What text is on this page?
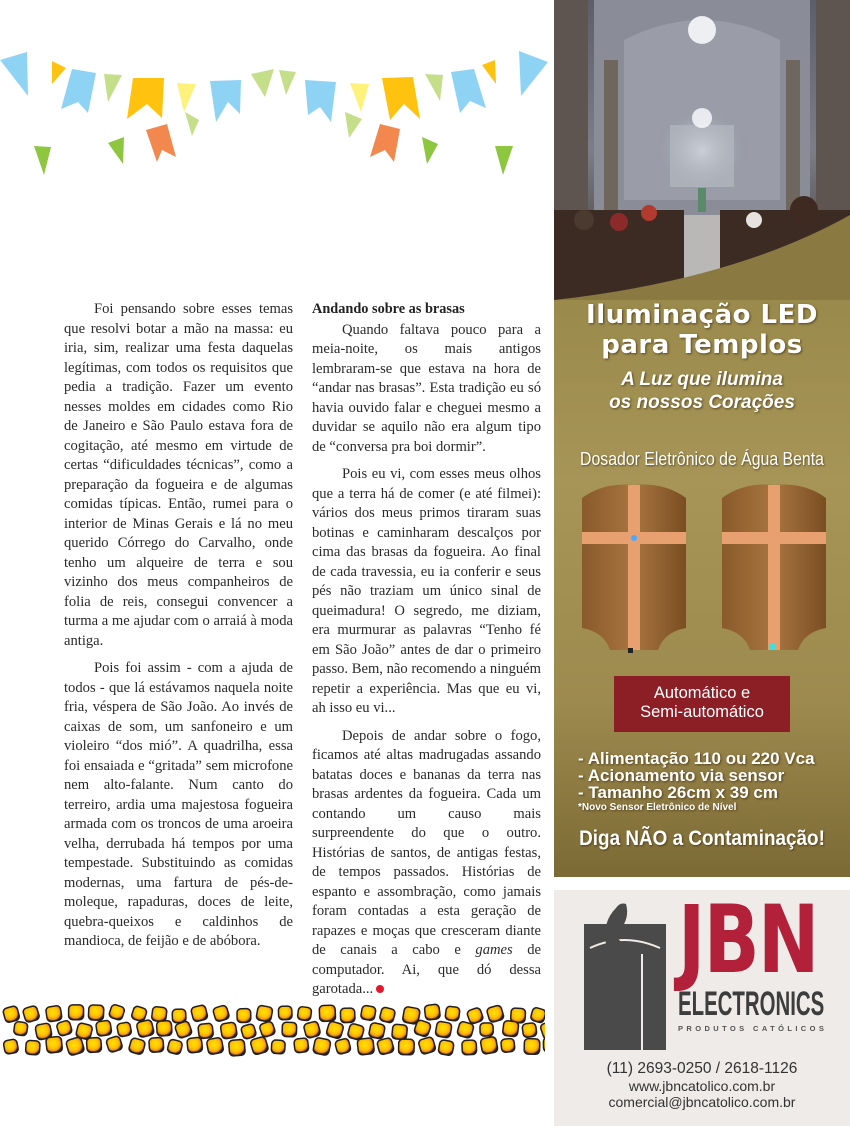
Foi pensando sobre esses temas que resolvi botar a mão na massa: eu iria, sim, realizar uma festa daquelas legítimas, com todos os requisitos que pedia a tradição. Fazer um evento nesses moldes em cidades como Rio de Janeiro e São Paulo estava fora de cogitação, até mesmo em virtude de certas “dificuldades técnicas”, como a preparação da fogueira e de algumas comidas típicas. Então, rumei para o interior de Minas Gerais e lá no meu querido Córrego do Carvalho, onde tenho um alqueire de terra e sou vizinho dos meus companheiros de folia de reis, consegui convencer a turma a me ajudar com o arraiá à moda antiga.

Pois foi assim - com a ajuda de todos - que lá estávamos naquela noite fria, véspera de São João. Ao invés de caixas de som, um sanfoneiro e um violeiro “dos mió”. A quadrilha, essa foi ensaiada e “gritada” sem microfone nem alto-falante. Num canto do terreiro, ardia uma majestosa fogueira armada com os troncos de uma aroeira velha, derrubada há tempos por uma tempestade. Substituindo as comidas modernas, uma fartura de pés-de-moleque, rapaduras, doces de leite, quebra-queixos e caldinhos de mandioca, de feijão e de abóbora.

Andando sobre as brasas

Quando faltava pouco para a meia-noite, os mais antigos lembraram-se que estava na hora de “andar nas brasas”. Esta tradição eu só havia ouvido falar e cheguei mesmo a duvidar se aquilo não era algum tipo de “conversa pra boi dormir”.

Pois eu vi, com esses meus olhos que a terra há de comer (e até filmei): vários dos meus primos tiraram suas botinas e caminharam descalços por cima das brasas da fogueira. Ao final de cada travessia, eu ia conferir e seus pés não traziam um único sinal de queimadura! O segredo, me diziam, era murmurar as palavras “Tenho fé em São João” antes de dar o primeiro passo. Bem, não recomendo a ninguém repetir a experiência. Mas que eu vi, ah isso eu vi...

Depois de andar sobre o fogo, ficamos até altas madrugadas assando batatas doces e bananas da terra nas brasas ardentes da fogueira. Cada um contando um causo mais surpreendente do que o outro. Histórias de santos, de antigas festas, de tempos passados. Histórias de espanto e assombração, como jamais foram contadas a esta geração de rapazes e moças que cresceram diante de canais a cabo e games de computador. Ai, que dó dessa garotada...

Iluminação LED
para Templos
A Luz que ilumina
os nossos Corações
Dosador Eletrônico de Água Benta
Automático e
Semi-automático
- Alimentação 110 ou 220 Vca
- Acionamento via sensor
- Tamanho 26cm x 39 cm
*Novo Sensor Eletrônico de Nível
Diga NÃO a Contaminação!
JBN
ELECTRONICS
PRODUTOS CATÓLICOS
(11) 2693-0250 / 2618-1126
www.jbncatolico.com.br
comercial@jbncatolico.com.br
